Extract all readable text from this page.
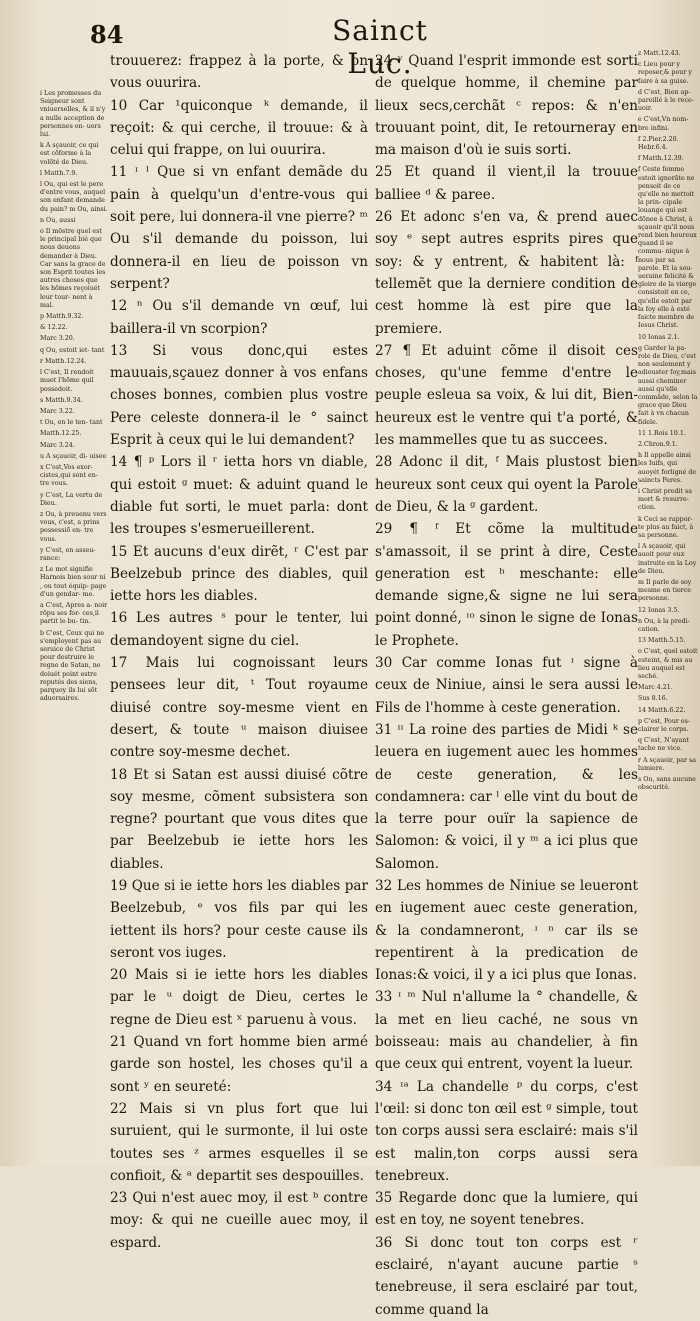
84	Sainct Luc.

i Les promesses du Seigneur sont vniuerselles, & il n'y a nulle acception de personnes en- uers lui.

k A sçauoir, ce qui est cõforme à la volõté de Dieu.

l Matth.7.9.

l Ou, qui est le pere d'entre vous, auquel son enfant demande du pain? m Ou, ainsi.

n Ou, aussi

o Il mõstre quel est le principal bié que nous deuons demander à Dieu. Car sans la grace de son Esprit toutes les autres choses que les hõmes reçoiuét leur tour- nent à mal.

p Matth.9.32.

& 12.22.

Marc 3.20.

q Ou, estoit iet- tant

r Matth.12.24.

l C'est, Il rendoit muet l'hõme quil possedoit.

s Matth.9.34.

Marc 3.22.

t Ou, en le ten- tant

Matth.12.25.

Marc 3.24.

u A sçauoir, di- uisee

x C'est,Vos exor- cistes,qui sont en- tre vous.

y C'est, La vertu de Dieu.

z Ou, à preuenu vers vous, c'est, a prins possessiõ en- tre vous.

y C'est, en asseu- rance:

z Le mot signifie Harnois bien sour ni , ou tout équip- page d'un gendar- me.

a C'est, Apres a- noir rõpu ses for- ces,il partit le bu- tin.

b C'est, Ceux qui ne s'employent pas au seruice de Christ pour destruire le regne de Satan, ne doiuét point estre reputés des siens, parquoy ils lui sõt aduersaires.

trouuerez: frappez à la porte, & on vous ouurira.

10 Car ¹quiconque ᵏ demande, il reçoit: & qui cerche, il trouue: & à celui qui frappe, on lui ouurira.

11 ᶦ ˡ Que si vn enfant demãde du pain à quelqu'un d'entre-vous qui soit pere, lui donnera-il vne pierre? ᵐ Ou s'il demande du poisson, lui donnera-il en lieu de poisson vn serpent?

12 ⁿ Ou s'il demande vn œuf, lui baillera-il vn scorpion?

13 Si vous donc,qui estes mauuais,sçauez donner à vos enfans choses bonnes, combien plus vostre Pere celeste donnera-il le ° sainct Esprit à ceux qui le lui demandent?

14 ¶ ᵖ Lors il ʳ ietta hors vn diable, qui estoit ᵍ muet: & aduint quand le diable fut sorti, le muet parla: dont les troupes s'esmerueillerent.

15 Et aucuns d'eux dirẽt, ʳ C'est par Beelzebub prince des diables, quil iette hors les diables.

16 Les autres ˢ pour le tenter, lui demandoyent signe du ciel.

17 Mais lui cognoissant leurs pensees leur dit, ᵗ Tout royaume diuisé contre soy-mesme vient en desert, & toute ᵘ maison diuisee contre soy-mesme dechet.

18 Et si Satan est aussi diuisé cõtre soy mesme, cõment subsistera son regne? pourtant que vous dites que par Beelzebub ie iette hors les diables.

19 Que si ie iette hors les diables par Beelzebub, ᵉ vos fils par qui les iettent ils hors? pour ceste cause ils seront vos iuges.

20 Mais si ie iette hors les diables par le ᵘ doigt de Dieu, certes le regne de Dieu est ˣ paruenu à vous.

21 Quand vn fort homme bien armé garde son hostel, les choses qu'il a sont ʸ en seureté:

22 Mais si vn plus fort que lui suruient, qui le surmonte, il lui oste toutes ses ᶻ armes esquelles il se confioit, & ᵃ departit ses despouilles.

23 Qui n'est auec moy, il est ᵇ contre moy: & qui ne cueille auec moy, il espard.

24 ʸ Quand l'esprit immonde est sorti de quelque homme, il chemine par lieux secs,cerchãt ᶜ repos: & n'en trouuant point, dit, Ie retourneray en ma maison d'où ie suis sorti.

25 Et quand il vient,il la trouue balliee ᵈ & paree.

26 Et adonc s'en va, & prend auec soy ᵉ sept autres esprits pires que soy: & y entrent, & habitent là: ᶠ tellemẽt que la derniere condition de cest homme là est pire que la premiere.

27 ¶ Et aduint cõme il disoit ces choses, qu'une femme d'entre le peuple esleua sa voix, & lui dit, Bien-heureux est le ventre qui t'a porté, & les mammelles que tu as succees.

28 Adonc il dit, ᶠ Mais plustost bien heureux sont ceux qui oyent la Parole de Dieu, & la ᵍ gardent.

29 ¶ ᶠ Et cõme la multitude s'amassoit, il se print à dire, Ceste generation est ʰ meschante: elle demande signe,& signe ne lui sera point donné, ᶦᵒ sinon le signe de Ionas le Prophete.

30 Car comme Ionas fut ᶦ signe à ceux de Niniue, ainsi le sera aussi le Fils de l'homme à ceste generation.

31 ᶦᶦ La roine des parties de Midi ᵏ se leuera en iugement auec les hommes de ceste generation, & les condamnera: car ˡ elle vint du bout de la terre pour ouïr la sapience de Salomon: & voici, il y ᵐ a ici plus que Salomon.

32 Les hommes de Niniue se leueront en iugement auec ceste generation, & la condamneront, ᶦ ⁿ car ils se repentirent à la predication de Ionas:& voici, il y a ici plus que Ionas.

33 ᶦ ᵐ Nul n'allume la ° chandelle, & la met en lieu caché, ne sous vn boisseau: mais au chandelier, à fin que ceux qui entrent, voyent la lueur.

34 ᶦᵃ La chandelle ᵖ du corps, c'est l'œil: si donc ton œil est ᵍ simple, tout ton corps aussi sera esclairé: mais s'il est malin,ton corps aussi sera tenebreux.

35 Regarde donc que la lumiere, qui est en toy, ne soyent tenebres.

36 Si donc tout ton corps est ʳ esclairé, n'ayant aucune partie ˢ tenebreuse, il sera esclairé par tout, comme quand la

z Matt.12.43.

c Lieu pour y reposer,& pour y faire à sa guise.

d C'est, Bien ap- pareillé à le rece- uoir.

e C'est,Vn nom- bre infini.

f 2.Pier.2.20. Hebr.6.4.

f Matth.12.39.

f Ceste femme estoit ignorãte ne pensoit de ce qu'elle ne mettoit la prin- cipale louange qui est dõnee à Christ, à sçauoir qu'il nous rend bien heureux quand il se commu- nique à nous par sa parole. Et la sou- ueraine felicité & gloire de la vierge consistoit en ce, qu'elle estoit par la foy elle à esté faicte membre de Iesus Christ.

10 Ionas 2.1.

g Garder la pa- role de Dieu, c'est non seulement y adiouster foy,mais aussi cheminer aussi qu'elle commãde, selon la grace que Dieu fait à vn chacun fidele.

11 1.Rois 10.1.

2.Chron.9.1.

h Il appelle ainsi les Iuifs, qui auoyét forligné de saincts Peres.

i Christ predit sa mort & resurre- ction.

k Ceci se rappor- te plus au faict, à sa personne.

l A sçauoir, qui auoit pour eux instruite en la Loy de Dieu.

m Il parle de soy mesme en tierce personne.

12 Ionas 3.5.

n Ou, à la predi- cation.

13 Matth.5.15.

o C'est, quel estoit esteint, & mis au lieu auquel est seché.

Marc 4.21.

Sus 8.16.

14 Matth.6.22.

p C'est, Pour es- clairer le corps.

q C'est, N'ayant tache ne vice.

r A sçauoir, par sa lumiere.

s Ou, sans aucune obscurité.
